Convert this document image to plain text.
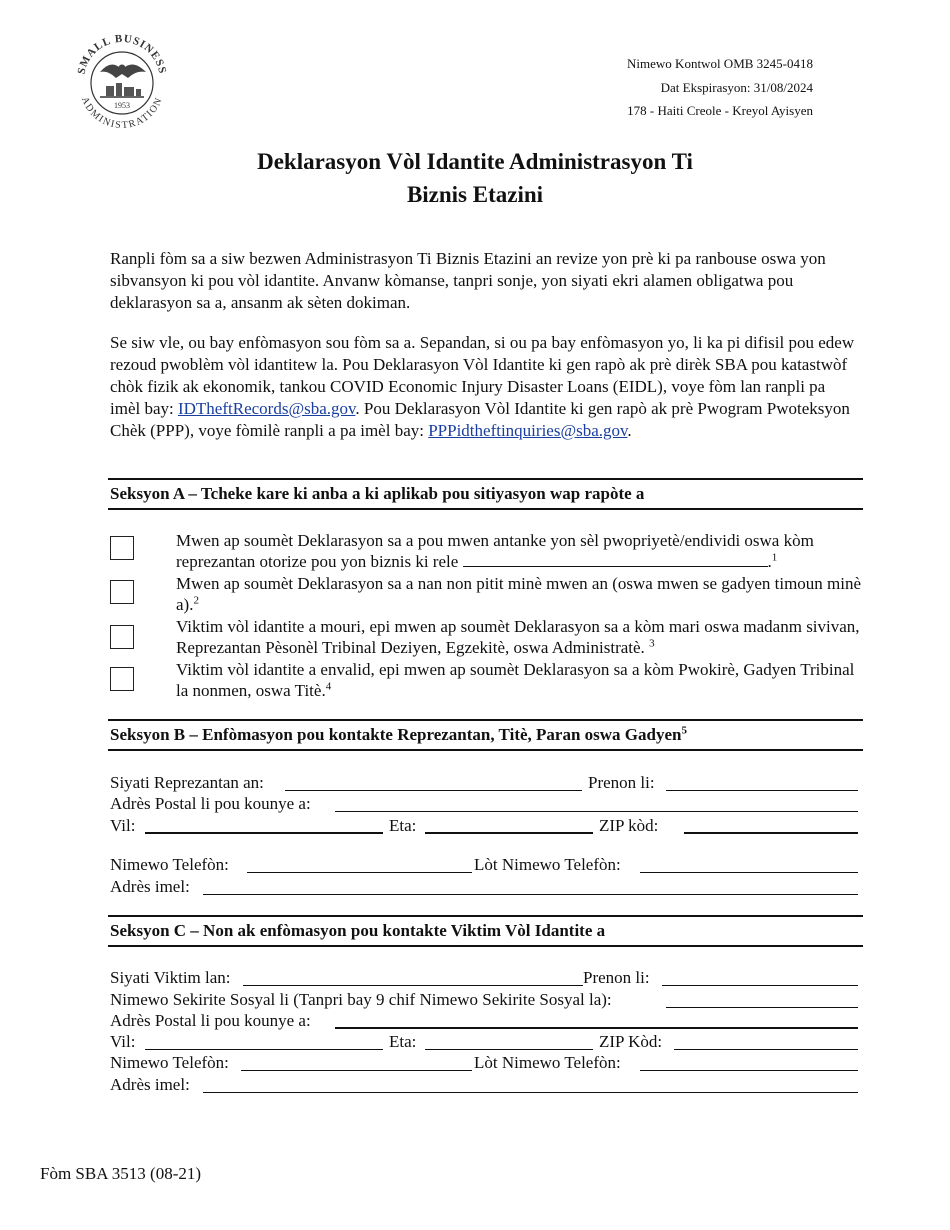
SMALL BUSINESS
ADMINISTRATION
1953
Nimewo Kontwol OMB 3245-0418
Dat Ekspirasyon: 31/08/2024
178 - Haiti Creole - Kreyol Ayisyen
Deklarasyon Vòl Idantite Administrasyon Ti
Biznis Etazini
Ranpli fòm sa a siw bezwen Administrasyon Ti Biznis Etazini an revize yon prè ki pa ranbouse oswa yon sibvansyon ki pou vòl idantite. Anvanw kòmanse, tanpri sonje, yon siyati ekri alamen obligatwa pou deklarasyon sa a, ansanm ak sèten dokiman.
Se siw vle, ou bay enfòmasyon sou fòm sa a. Sepandan, si ou pa bay enfòmasyon yo, li ka pi difisil pou edew rezoud pwoblèm vòl idantitew la. Pou Deklarasyon Vòl Idantite ki gen rapò ak prè dirèk SBA pou katastwòf chòk fizik ak ekonomik, tankou COVID Economic Injury Disaster Loans (EIDL), voye fòm lan ranpli pa imèl bay: IDTheftRecords@sba.gov. Pou Deklarasyon Vòl Idantite ki gen rapò ak prè Pwogram Pwoteksyon Chèk (PPP), voye fòmilè ranpli a pa imèl bay: PPPidtheftinquiries@sba.gov.
Seksyon A – Tcheke kare ki anba a ki aplikab pou sitiyasyon wap rapòte a
Mwen ap soumèt Deklarasyon sa a pou mwen antanke yon sèl pwopriyetè/endividi oswa kòm reprezantan otorize pou yon biznis ki rele	.$^1$
Mwen ap soumèt Deklarasyon sa a nan non pitit minè mwen an (oswa mwen se gadyen timoun minè a).$^2$
Viktim vòl idantite a mouri, epi mwen ap soumèt Deklarasyon sa a kòm mari oswa madanm sivivan, Reprezantan Pèsonèl Tribinal Deziyen, Egzekitè, oswa Administratè. $^3$
Viktim vòl idantite a envalid, epi mwen ap soumèt Deklarasyon sa a kòm Pwokirè, Gadyen Tribinal la nonmen, oswa Titè.$^4$
Seksyon B – Enfòmasyon pou kontakte Reprezantan, Titè, Paran oswa Gadyen$^5$
Siyati Reprezantan an:	Prenon li:
Adrès Postal li pou kounye a:
Vil:	Eta:	ZIP kòd:
Nimewo Telefòn:	Lòt Nimewo Telefòn:
Adrès imel:
Seksyon C – Non ak enfòmasyon pou kontakte Viktim Vòl Idantite a
Siyati Viktim lan:	Prenon li:
Nimewo Sekirite Sosyal li (Tanpri bay 9 chif Nimewo Sekirite Sosyal la):
Adrès Postal li pou kounye a:
Vil:	Eta:	ZIP Kòd:
Nimewo Telefòn:	Lòt Nimewo Telefòn:
Adrès imel:
Fòm SBA 3513 (08-21)
